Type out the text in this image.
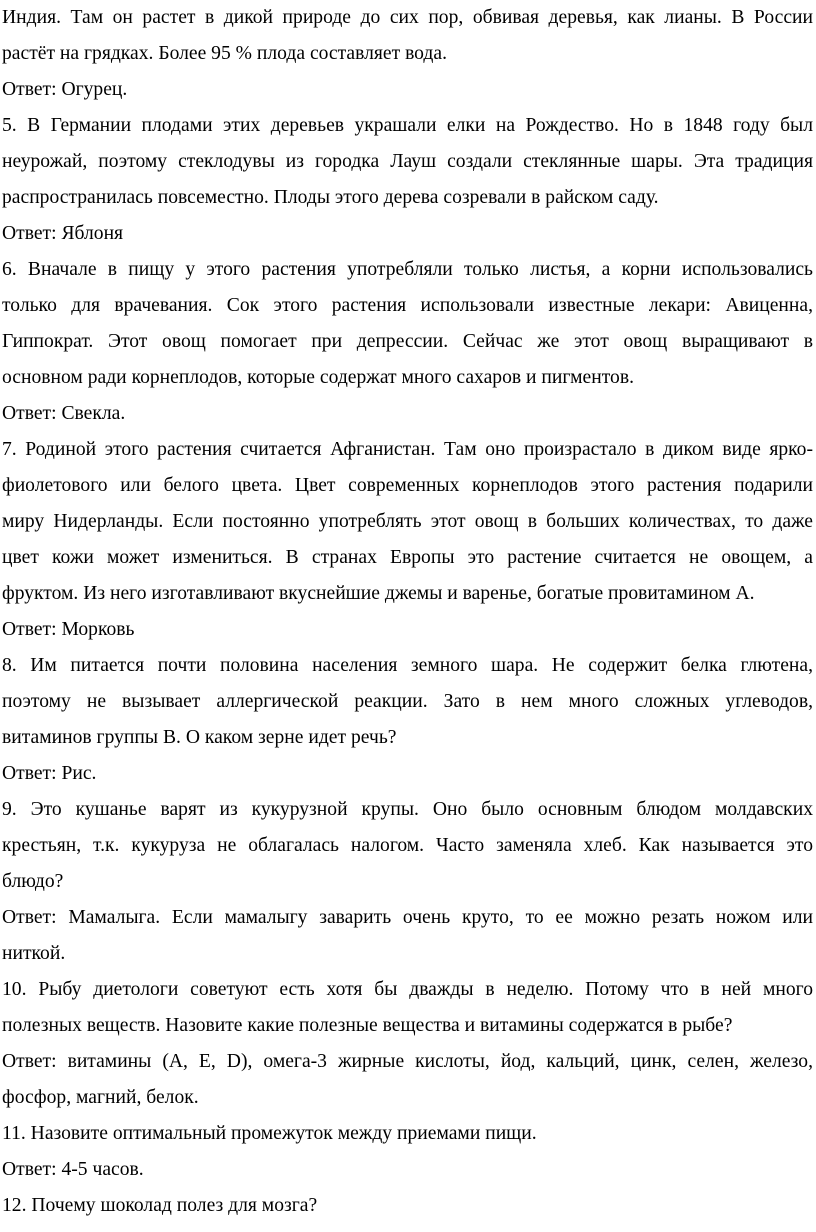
Индия. Там он растет в дикой природе до сих пор, обвивая деревья, как лианы. В России
растёт на грядках. Более 95 % плода составляет вода.
Ответ: Огурец.
5. В Германии плодами этих деревьев украшали елки на Рождество. Но в 1848 году был
неурожай, поэтому стеклодувы из городка Лауш создали стеклянные шары. Эта традиция
распространилась повсеместно. Плоды этого дерева созревали в райском саду.
Ответ: Яблоня
6. Вначале в пищу у этого растения употребляли только листья, а корни использовались
только для врачевания. Сок этого растения использовали известные лекари: Авиценна,
Гиппократ. Этот овощ помогает при депрессии. Сейчас же этот овощ выращивают в
основном ради корнеплодов, которые содержат много сахаров и пигментов.
Ответ: Свекла.
7. Родиной этого растения считается Афганистан. Там оно произрастало в диком виде ярко-
фиолетового или белого цвета. Цвет современных корнеплодов этого растения подарили
миру Нидерланды. Если постоянно употреблять этот овощ в больших количествах, то даже
цвет кожи может измениться. В странах Европы это растение считается не овощем, а
фруктом. Из него изготавливают вкуснейшие джемы и варенье, богатые провитамином А.
Ответ: Морковь
8. Им питается почти половина населения земного шара. Не содержит белка глютена,
поэтому не вызывает аллергической реакции. Зато в нем много сложных углеводов,
витаминов группы В. О каком зерне идет речь?
Ответ: Рис.
9. Это кушанье варят из кукурузной крупы. Оно было основным блюдом молдавских
крестьян, т.к. кукуруза не облагалась налогом. Часто заменяла хлеб. Как называется это
блюдо?
Ответ: Мамалыга. Если мамалыгу заварить очень круто, то ее можно резать ножом или
ниткой.
10. Рыбу диетологи советуют есть хотя бы дважды в неделю. Потому что в ней много
полезных веществ. Назовите какие полезные вещества и витамины содержатся в рыбе?
Ответ: витамины (А, Е, D), омега-3 жирные кислоты, йод, кальций, цинк, селен, железо,
фосфор, магний, белок.
11. Назовите оптимальный промежуток между приемами пищи.
Ответ: 4-5 часов.
12. Почему шоколад полез для мозга?
